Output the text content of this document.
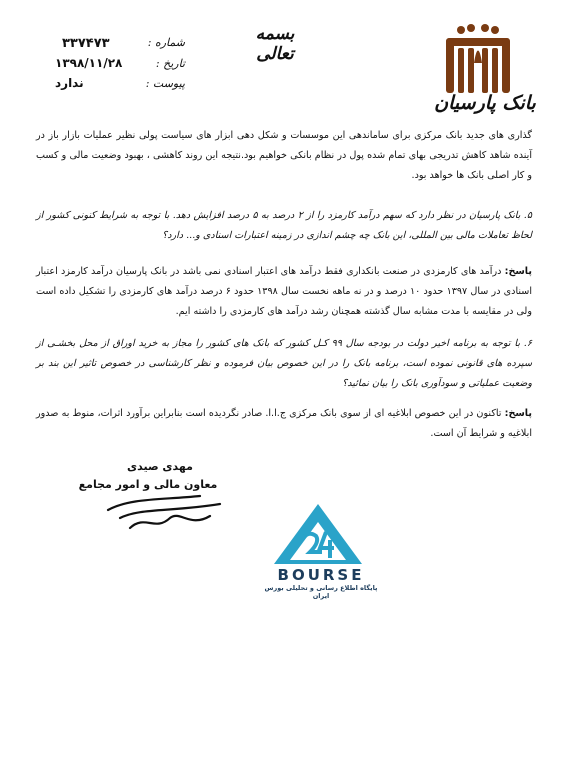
بسمه تعالی
بانک پارسیان
شماره :
تاریخ :
۱۳۹۸/۱۱/۲۸
پیوست :
ندارد
۳۳۷۴۷۳
گذاری های جدید بانک مرکزی برای ساماندهی این موسسات و شکل دهی ابزار های سیاست پولی نظیر عملیات بازار باز در آینده شاهد کاهش تدریجی بهای تمام شده پول در نظام بانکی خواهیم بود.نتیجه این روند کاهشی ، بهبود وضعیت مالی و کسب و کار اصلی بانک ها خواهد بود.
۵. بانک پارسیان در نظر دارد که سهم درآمد کارمزد را از ۲ درصد به ۵ درصد افزایش دهد. با توجه به شرایط کنونی کشور از لحاظ تعاملات مالی بین المللی، این بانک چه چشم اندازی در زمینه اعتبارات اسنادی و... دارد؟
پاسخ: درآمد های کارمزدی در صنعت بانکداری فقط درآمد های اعتبار اسنادی نمی باشد در بانک پارسیان درآمد کارمزد اعتبار اسنادی در سال ۱۳۹۷ حدود ۱۰ درصد و در نه ماهه نخست سال ۱۳۹۸ حدود ۶ درصد درآمد های کارمزدی را تشکیل داده است ولی در مقایسه با مدت مشابه سال گذشته همچنان رشد درآمد های کارمزدی را داشته ایم.
۶. با توجه به برنامه اخیر دولت در بودجه سال ۹۹ کـل کشور که بانک های کشور را مجاز به خرید اوراق از محل بخشـی از سپرده های قانونی نموده است، برنامه بانک را در این خصوص بیان فرموده و نظر کارشناسی در خصوص تاثیر این بند بر وضعیت عملیاتی و سودآوری بانک را بیان نمائید؟
پاسخ: تاکنون در این خصوص ابلاغیه ای از سوی بانک مرکزی ج.ا.ا. صادر نگردیده است بنابراین برآورد اثرات، منوط به صدور ابلاغیه و شرایط آن است.
مهدی صیدی
معاون مالی و امور مجامع
BOURSE
پایگاه اطلاع رسانی و تحلیلی بورس ایران
